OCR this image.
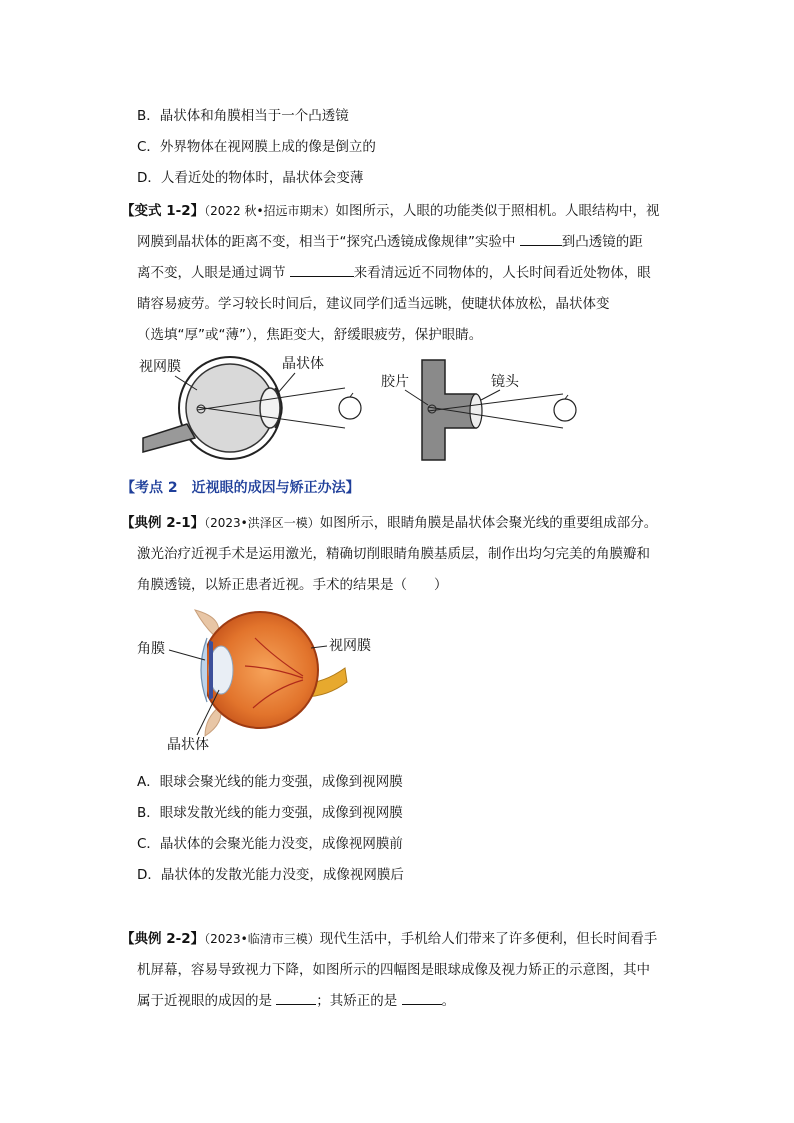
B．晶状体和角膜相当于一个凸透镜
C．外界物体在视网膜上成的像是倒立的
D．人看近处的物体时，晶状体会变薄
【变式 1-2】（2022 秋•招远市期末）如图所示，人眼的功能类似于照相机。人眼结构中，视
网膜到晶状体的距离不变，相当于“探究凸透镜成像规律”实验中	到凸透镜的距
离不变，人眼是通过调节	来看清远近不同物体的，人长时间看近处物体，眼
睛容易疲劳。学习较长时间后，建议同学们适当远眺，使睫状体放松，晶状体变
（选填“厚”或“薄”），焦距变大，舒缓眼疲劳，保护眼睛。
视网膜	晶状体
胶片	镜头
【考点 2　近视眼的成因与矫正办法】
【典例 2-1】（2023•洪泽区一模）如图所示，眼睛角膜是晶状体会聚光线的重要组成部分。
激光治疗近视手术是运用激光，精确切削眼睛角膜基质层，制作出均匀完美的角膜瓣和
角膜透镜，以矫正患者近视。手术的结果是（　　）
角膜	视网膜
晶状体
A．眼球会聚光线的能力变强，成像到视网膜
B．眼球发散光线的能力变强，成像到视网膜
C．晶状体的会聚光能力没变，成像视网膜前
D．晶状体的发散光能力没变，成像视网膜后
【典例 2-2】（2023•临清市三模）现代生活中，手机给人们带来了许多便利，但长时间看手
机屏幕，容易导致视力下降，如图所示的四幅图是眼球成像及视力矫正的示意图，其中
属于近视眼的成因的是	；其矫正的是	。
